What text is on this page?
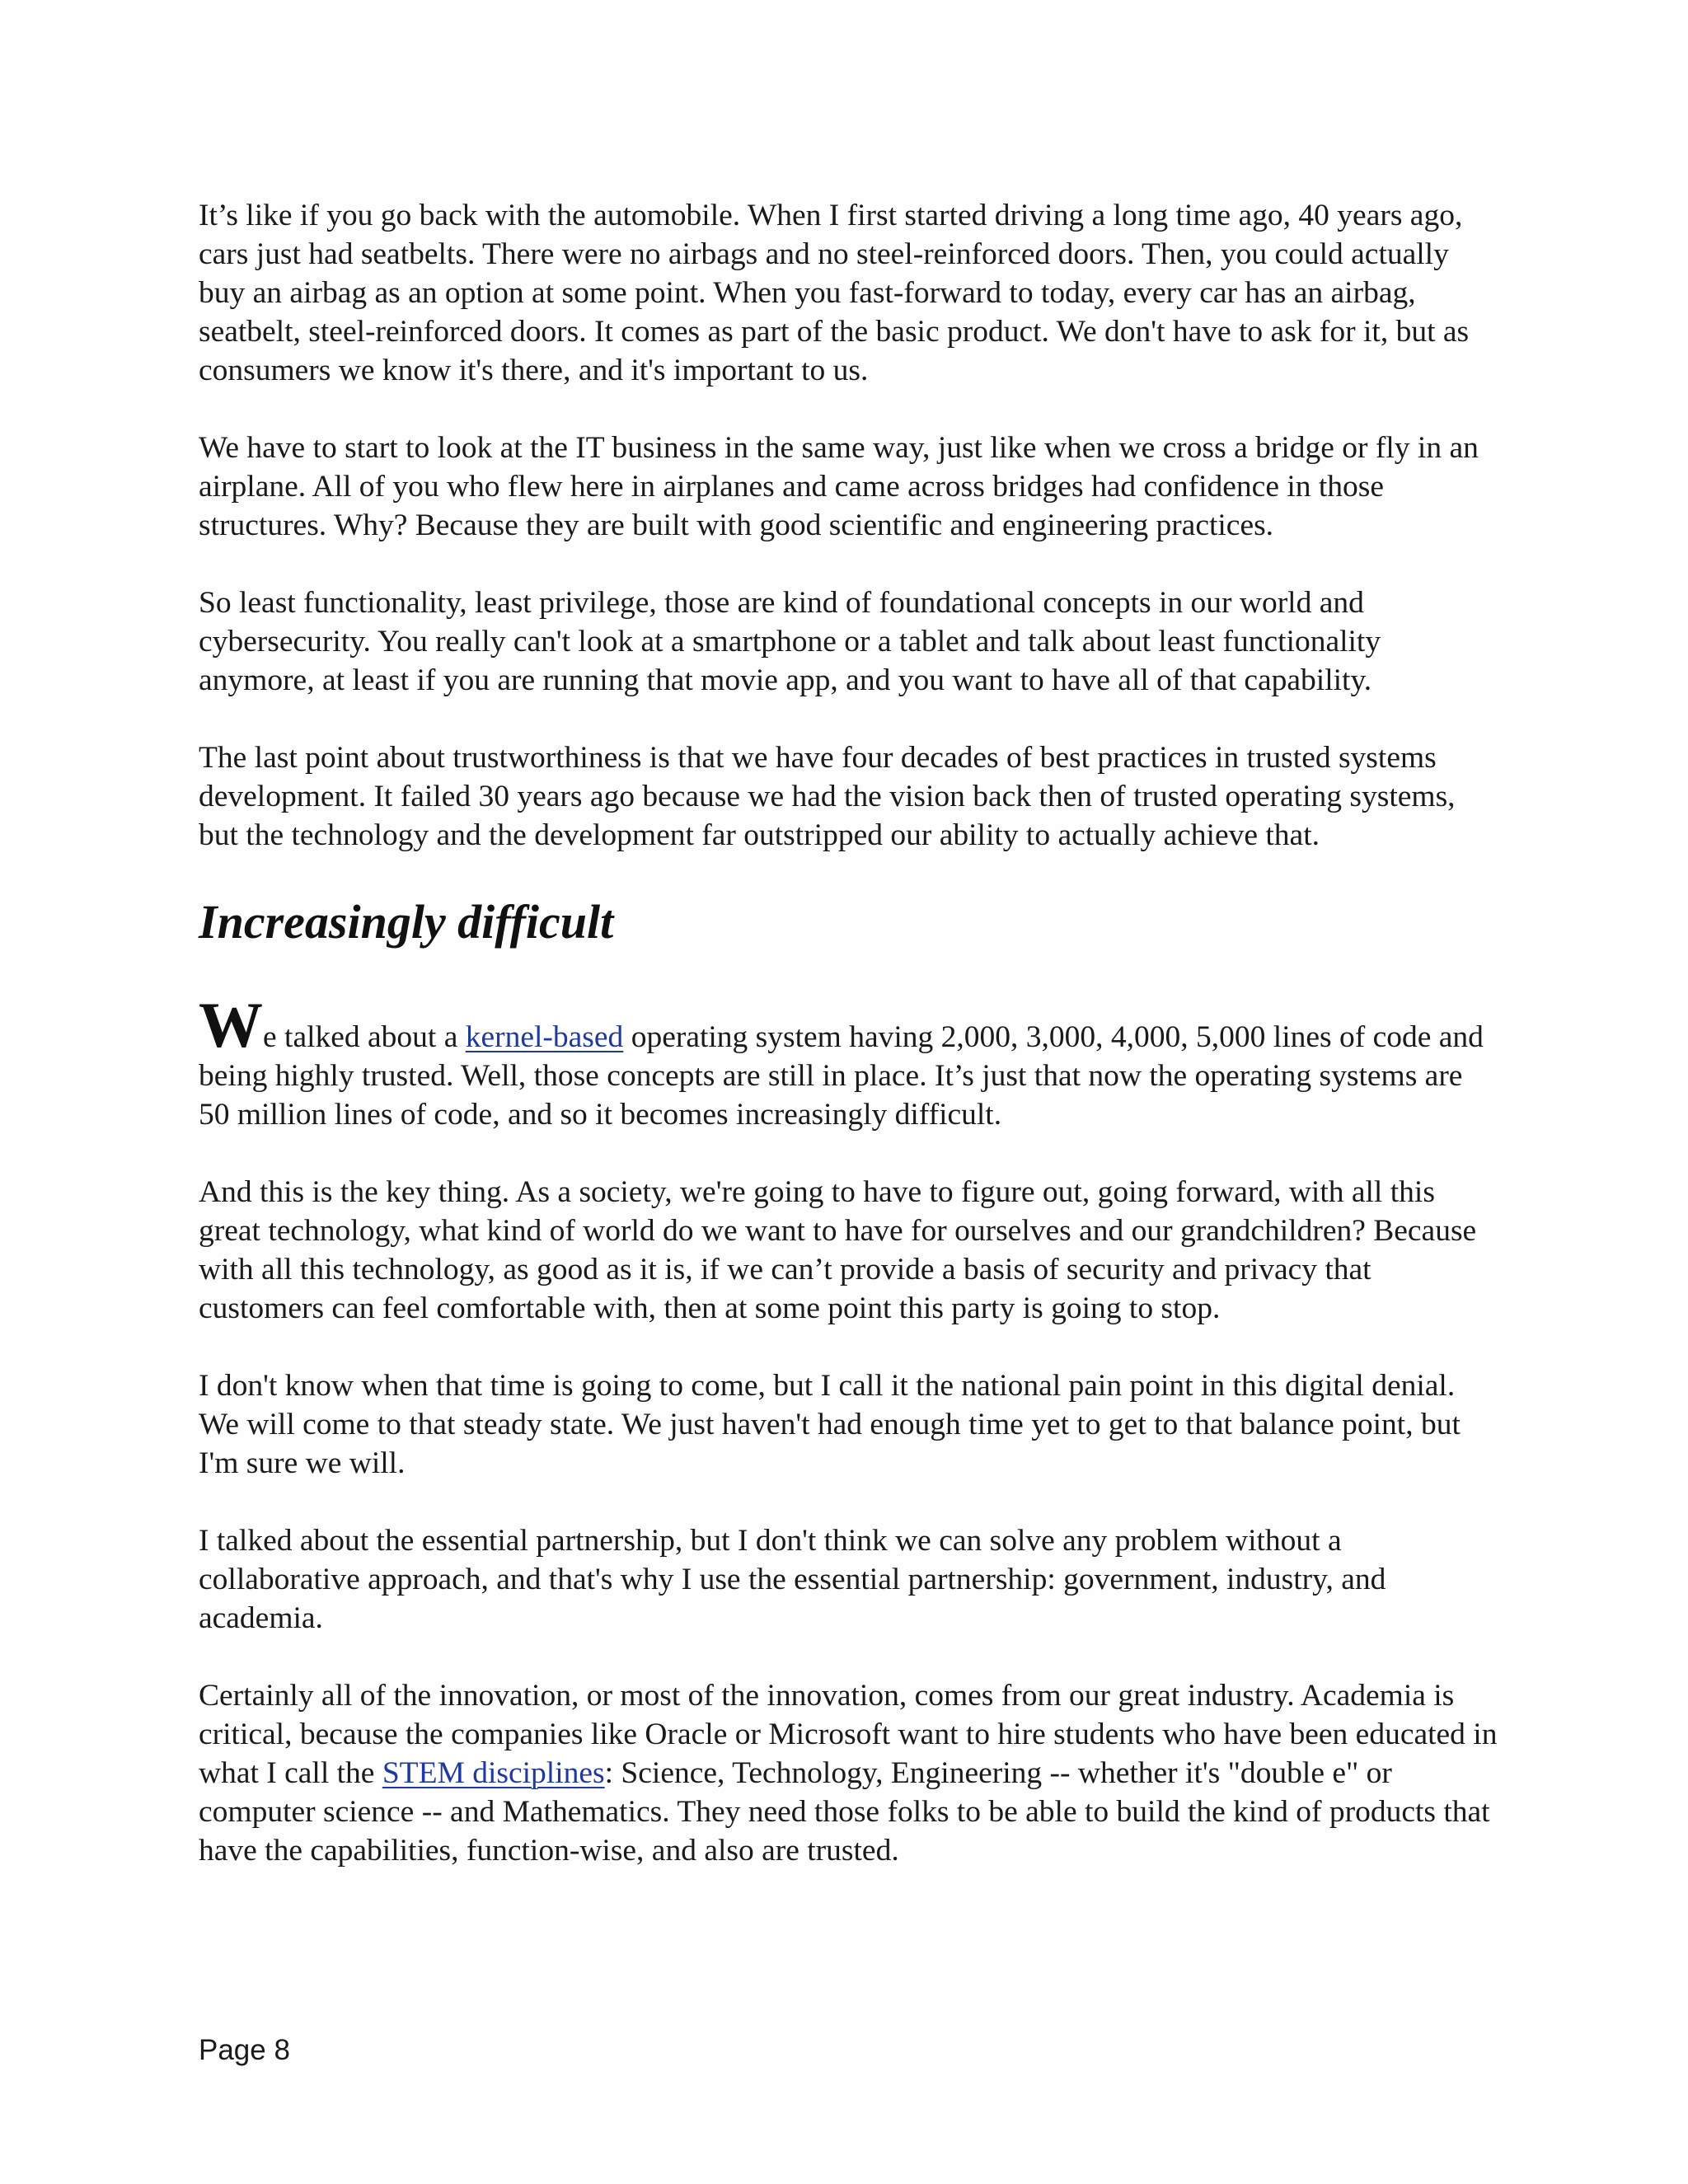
It’s like if you go back with the automobile. When I first started driving a long time ago, 40 years ago, cars just had seatbelts. There were no airbags and no steel-reinforced doors. Then, you could actually buy an airbag as an option at some point. When you fast-forward to today, every car has an airbag, seatbelt, steel-reinforced doors. It comes as part of the basic product. We don't have to ask for it, but as consumers we know it's there, and it's important to us.

We have to start to look at the IT business in the same way, just like when we cross a bridge or fly in an airplane. All of you who flew here in airplanes and came across bridges had confidence in those structures. Why? Because they are built with good scientific and engineering practices.

So least functionality, least privilege, those are kind of foundational concepts in our world and cybersecurity. You really can't look at a smartphone or a tablet and talk about least functionality anymore, at least if you are running that movie app, and you want to have all of that capability.

The last point about trustworthiness is that we have four decades of best practices in trusted systems development. It failed 30 years ago because we had the vision back then of trusted operating systems, but the technology and the development far outstripped our ability to actually achieve that.

Increasingly difficult

We talked about a kernel-based operating system having 2,000, 3,000, 4,000, 5,000 lines of code and being highly trusted. Well, those concepts are still in place. It’s just that now the operating systems are 50 million lines of code, and so it becomes increasingly difficult.

And this is the key thing. As a society, we're going to have to figure out, going forward, with all this great technology, what kind of world do we want to have for ourselves and our grandchildren? Because with all this technology, as good as it is, if we can’t provide a basis of security and privacy that customers can feel comfortable with, then at some point this party is going to stop.

I don't know when that time is going to come, but I call it the national pain point in this digital denial. We will come to that steady state. We just haven't had enough time yet to get to that balance point, but I'm sure we will.

I talked about the essential partnership, but I don't think we can solve any problem without a collaborative approach, and that's why I use the essential partnership: government, industry, and academia.

Certainly all of the innovation, or most of the innovation, comes from our great industry. Academia is critical, because the companies like Oracle or Microsoft want to hire students who have been educated in what I call the STEM disciplines: Science, Technology, Engineering -- whether it's "double e" or computer science -- and Mathematics. They need those folks to be able to build the kind of products that have the capabilities, function-wise, and also are trusted.

Page 8
